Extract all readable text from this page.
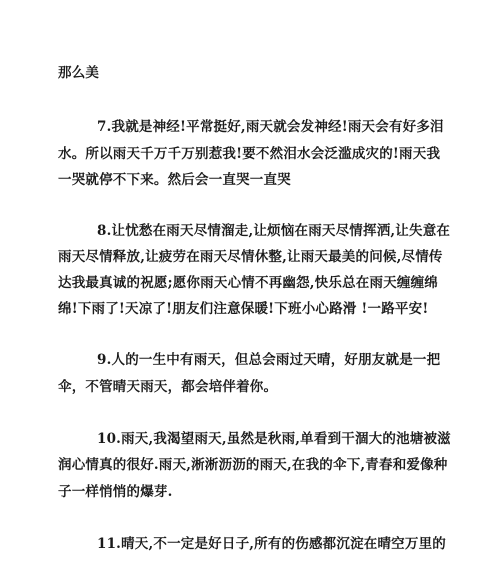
那么美
7.我就是神经!平常挺好,雨天就会发神经!雨天会有好多泪
水。所以雨天千万千万别惹我!要不然泪水会泛滥成灾的!雨天我
一哭就停不下来。然后会一直哭一直哭
8.让忧愁在雨天尽情溜走,让烦恼在雨天尽情挥洒,让失意在
雨天尽情释放,让疲劳在雨天尽情休整,让雨天最美的问候,尽情传
达我最真诚的祝愿;愿你雨天心情不再幽怨,快乐总在雨天缠缠绵
绵!下雨了!天凉了!朋友们注意保暖!下班小心路滑 !一路平安!
9.人的一生中有雨天，但总会雨过天晴，好朋友就是一把
伞，不管晴天雨天，都会培伴着你。
10.雨天,我渴望雨天,虽然是秋雨,单看到干涸大的池塘被滋
润心情真的很好.雨天,淅淅沥沥的雨天,在我的伞下,青春和爱像种
子一样悄悄的爆芽.
11.晴天,不一定是好日子,所有的伤感都沉淀在晴空万里的
